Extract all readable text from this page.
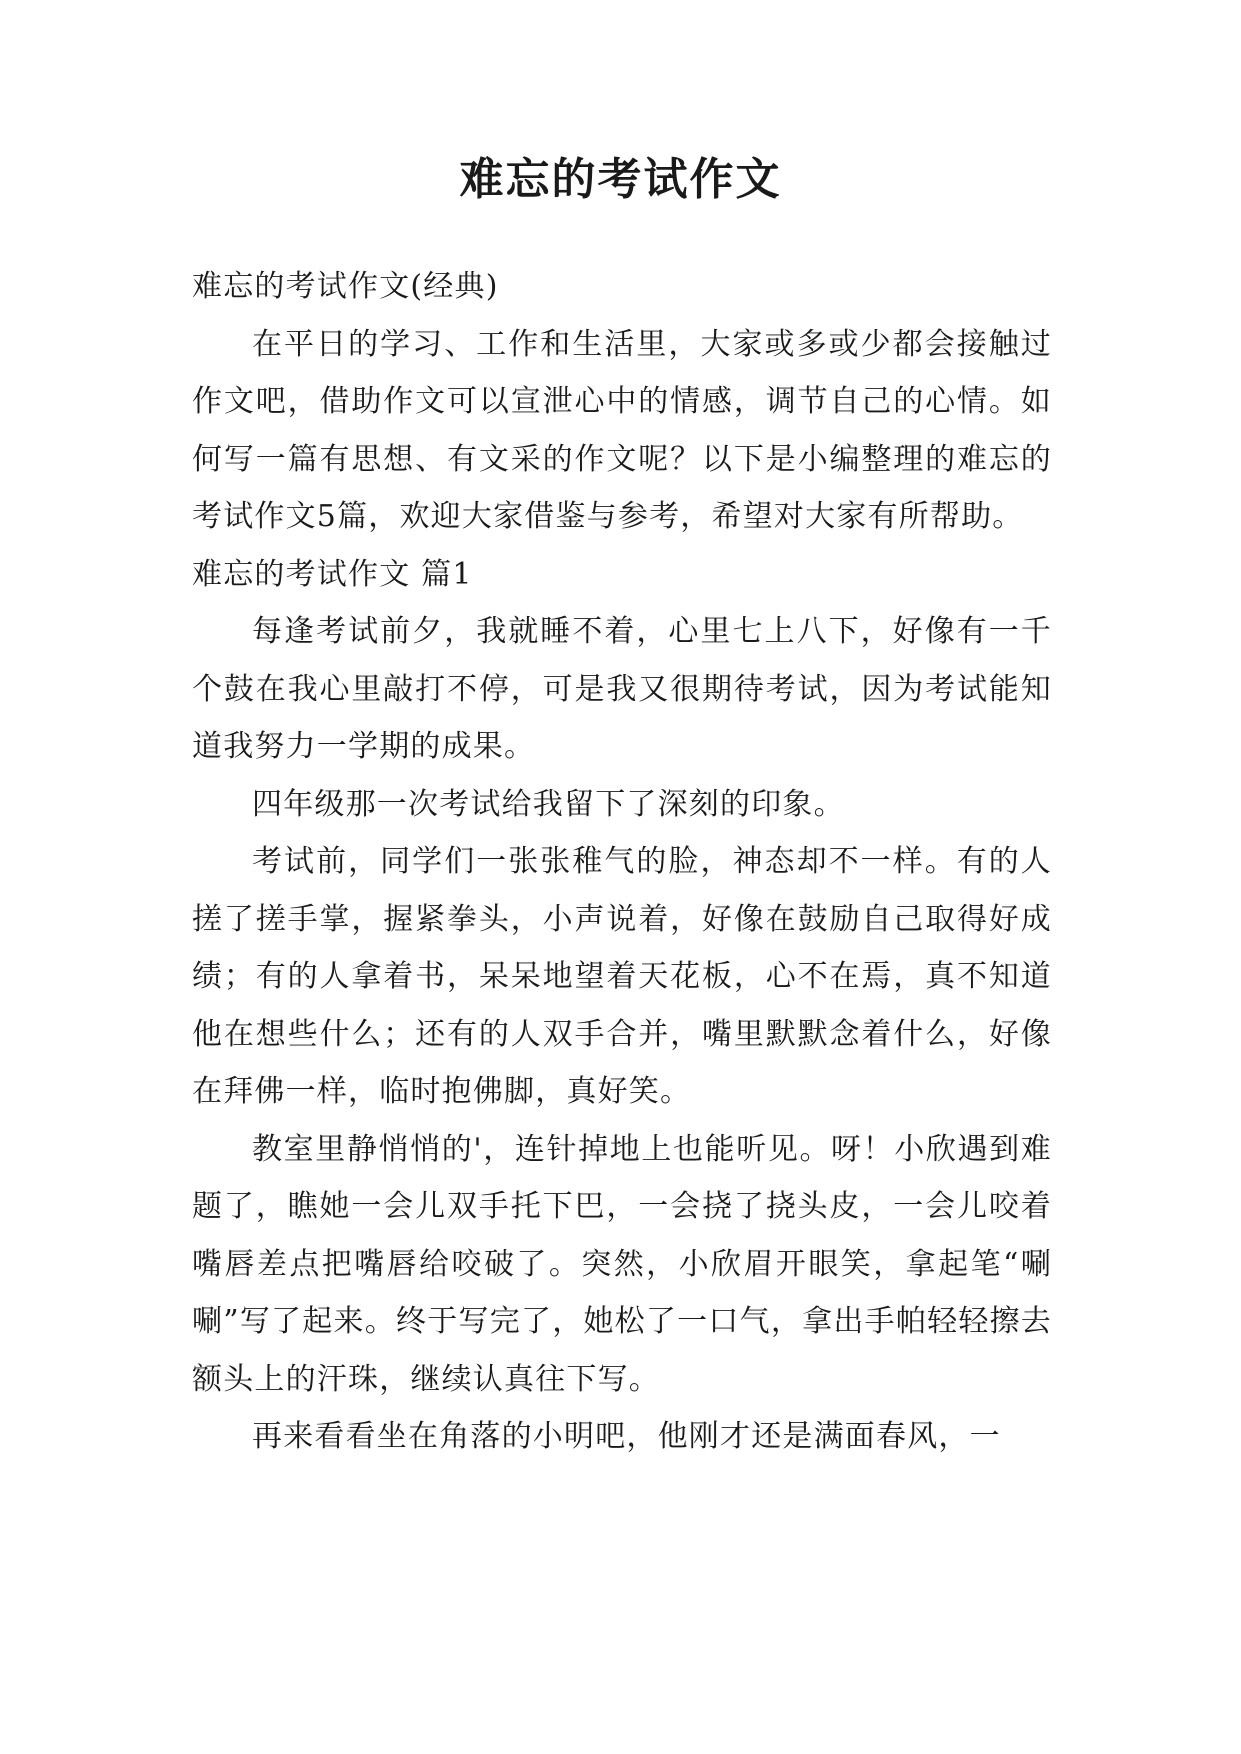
难忘的考试作文

难忘的考试作文(经典)

在平日的学习、工作和生活里，大家或多或少都会接触过作文吧，借助作文可以宣泄心中的情感，调节自己的心情。如何写一篇有思想、有文采的作文呢？以下是小编整理的难忘的考试作文5篇，欢迎大家借鉴与参考，希望对大家有所帮助。

难忘的考试作文 篇1

每逢考试前夕，我就睡不着，心里七上八下，好像有一千个鼓在我心里敲打不停，可是我又很期待考试，因为考试能知道我努力一学期的成果。

四年级那一次考试给我留下了深刻的印象。

考试前，同学们一张张稚气的脸，神态却不一样。有的人搓了搓手掌，握紧拳头，小声说着，好像在鼓励自己取得好成绩；有的人拿着书，呆呆地望着天花板，心不在焉，真不知道他在想些什么；还有的人双手合并，嘴里默默念着什么，好像在拜佛一样，临时抱佛脚，真好笑。

教室里静悄悄的'，连针掉地上也能听见。呀！小欣遇到难题了，瞧她一会儿双手托下巴，一会挠了挠头皮，一会儿咬着嘴唇差点把嘴唇给咬破了。突然，小欣眉开眼笑，拿起笔“唰唰”写了起来。终于写完了，她松了一口气，拿出手帕轻轻擦去额头上的汗珠，继续认真往下写。

再来看看坐在角落的小明吧，他刚才还是满面春风，一
